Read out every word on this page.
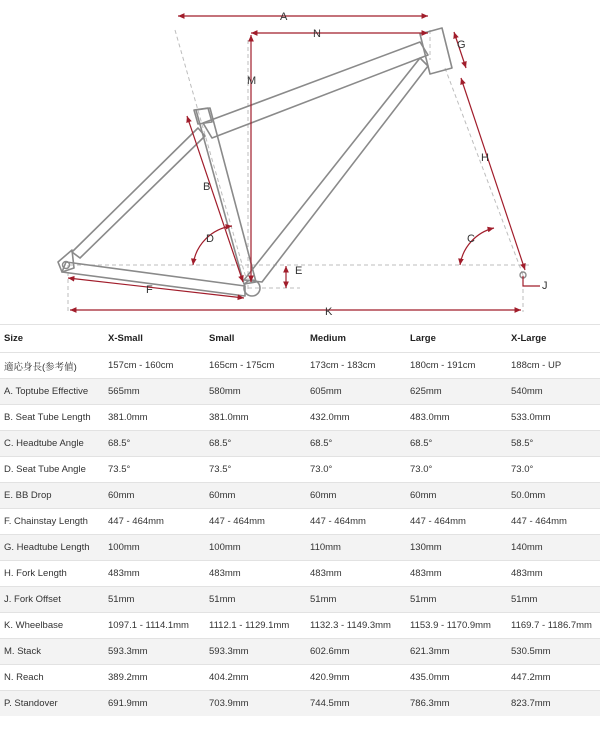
A
N
G
M
B
H
D	C
E
F
K
J
Size	X-Small	Small	Medium	Large	X-Large
適応身長(参考値)	157cm - 160cm	165cm - 175cm	173cm - 183cm	180cm - 191cm	188cm - UP
A. Toptube Effective	565mm	580mm	605mm	625mm	540mm
B. Seat Tube Length	381.0mm	381.0mm	432.0mm	483.0mm	533.0mm
C. Headtube Angle	68.5°	68.5°	68.5°	68.5°	58.5°
D. Seat Tube Angle	73.5°	73.5°	73.0°	73.0°	73.0°
E. BB Drop	60mm	60mm	60mm	60mm	50.0mm
F. Chainstay Length	447 - 464mm	447 - 464mm	447 - 464mm	447 - 464mm	447 - 464mm
G. Headtube Length	100mm	100mm	110mm	130mm	140mm
H. Fork Length	483mm	483mm	483mm	483mm	483mm
J. Fork Offset	51mm	51mm	51mm	51mm	51mm
K. Wheelbase	1097.1 - 1114.1mm	1112.1 - 1129.1mm	1132.3 - 1149.3mm	1153.9 - 1170.9mm	1169.7 - 1186.7mm
M. Stack	593.3mm	593.3mm	602.6mm	621.3mm	530.5mm
N. Reach	389.2mm	404.2mm	420.9mm	435.0mm	447.2mm
P. Standover	691.9mm	703.9mm	744.5mm	786.3mm	823.7mm
